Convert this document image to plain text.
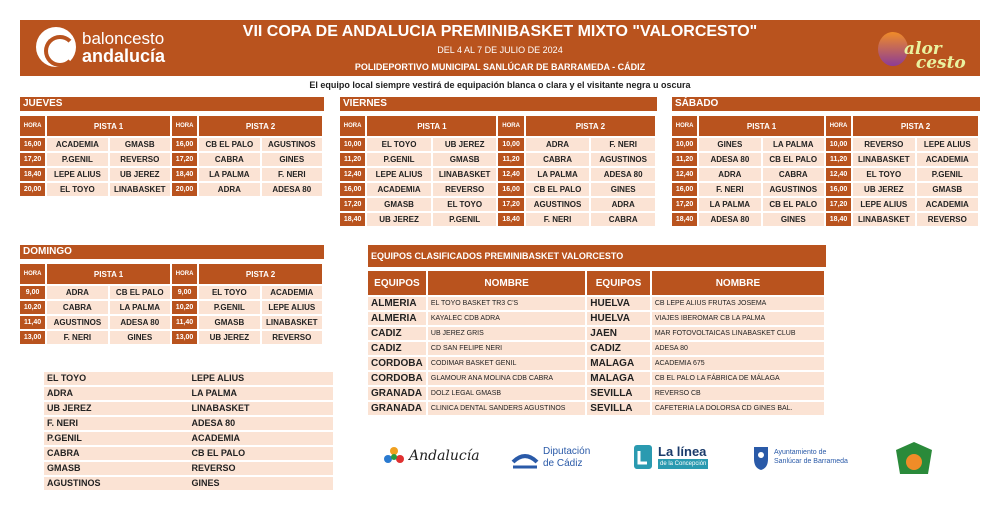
baloncesto
andalucía
VII COPA DE ANDALUCIA PREMINIBASKET MIXTO "VALORCESTO"
DEL 4 AL 7 DE JULIO DE 2024
POLIDEPORTIVO MUNICIPAL SANLÚCAR DE BARRAMEDA - CÁDIZ
alor
cesto
El equipo local siempre vestirá de equipación blanca o clara y el visitante negra u oscura
JUEVES
HORA	PISTA 1		HORA	PISTA 2	
16,00	ACADEMIA	GMASB	16,00	CB EL PALO	AGUSTINOS
17,20	P.GENIL	REVERSO	17,20	CABRA	GINES
18,40	LEPE ALIUS	UB JEREZ	18,40	LA PALMA	F. NERI
20,00	EL TOYO	LINABASKET	20,00	ADRA	ADESA 80
VIERNES
HORA	PISTA 1		HORA	PISTA 2	
10,00	EL TOYO	UB JEREZ	10,00	ADRA	F. NERI
11,20	P.GENIL	GMASB	11,20	CABRA	AGUSTINOS
12,40	LEPE ALIUS	LINABASKET	12,40	LA PALMA	ADESA 80
16,00	ACADEMIA	REVERSO	16,00	CB EL PALO	GINES
17,20	GMASB	EL TOYO	17,20	AGUSTINOS	ADRA
18,40	UB JEREZ	P.GENIL	18,40	F. NERI	CABRA
SÁBADO
HORA	PISTA 1		HORA	PISTA 2	
10,00	GINES	LA PALMA	10,00	REVERSO	LEPE ALIUS
11,20	ADESA 80	CB EL PALO	11,20	LINABASKET	ACADEMIA
12,40	ADRA	CABRA	12,40	EL TOYO	P.GENIL
16,00	F. NERI	AGUSTINOS	16,00	UB JEREZ	GMASB
17,20	LA PALMA	CB EL PALO	17,20	LEPE ALIUS	ACADEMIA
18,40	ADESA 80	GINES	18,40	LINABASKET	REVERSO
DOMINGO
HORA	PISTA 1		HORA	PISTA 2	
9,00	ADRA	CB EL PALO	9,00	EL TOYO	ACADEMIA
10,20	CABRA	LA PALMA	10,20	P.GENIL	LEPE ALIUS
11,40	AGUSTINOS	ADESA 80	11,40	GMASB	LINABASKET
13,00	F. NERI	GINES	13,00	UB JEREZ	REVERSO
EQUIPOS CLASIFICADOS PREMINIBASKET VALORCESTO
EQUIPOS	NOMBRE	EQUIPOS	NOMBRE
ALMERIA	EL TOYO BASKET TR3 C'S	HUELVA	CB LEPE ALIUS FRUTAS JOSEMA
ALMERIA	KAYALEC CDB ADRA	HUELVA	VIAJES IBEROMAR CB LA PALMA
CADIZ	UB JEREZ GRIS	JAEN	MAR FOTOVOLTAICAS LINABASKET CLUB
CADIZ	CD SAN FELIPE NERI	CADIZ	ADESA 80
CORDOBA	CODIMAR BASKET GENIL	MALAGA	ACADEMIA 675
CORDOBA	GLAMOUR ANA MOLINA CDB CABRA	MALAGA	CB EL PALO LA FÁBRICA DE MÁLAGA
GRANADA	DOLZ LEGAL GMASB	SEVILLA	REVERSO CB
GRANADA	CLINICA DENTAL SANDERS AGUSTINOS	SEVILLA	CAFETERIA LA DOLORSA CD GINES BAL.
EL TOYO	LEPE ALIUS
ADRA	LA PALMA
UB JEREZ	LINABASKET
F. NERI	ADESA 80
P.GENIL	ACADEMIA
CABRA	CB EL PALO
GMASB	REVERSO
AGUSTINOS	GINES
Andalucía	Diputación
de Cádiz
La línea
de la Concepción
Ayuntamiento de
Sanlúcar de Barrameda
